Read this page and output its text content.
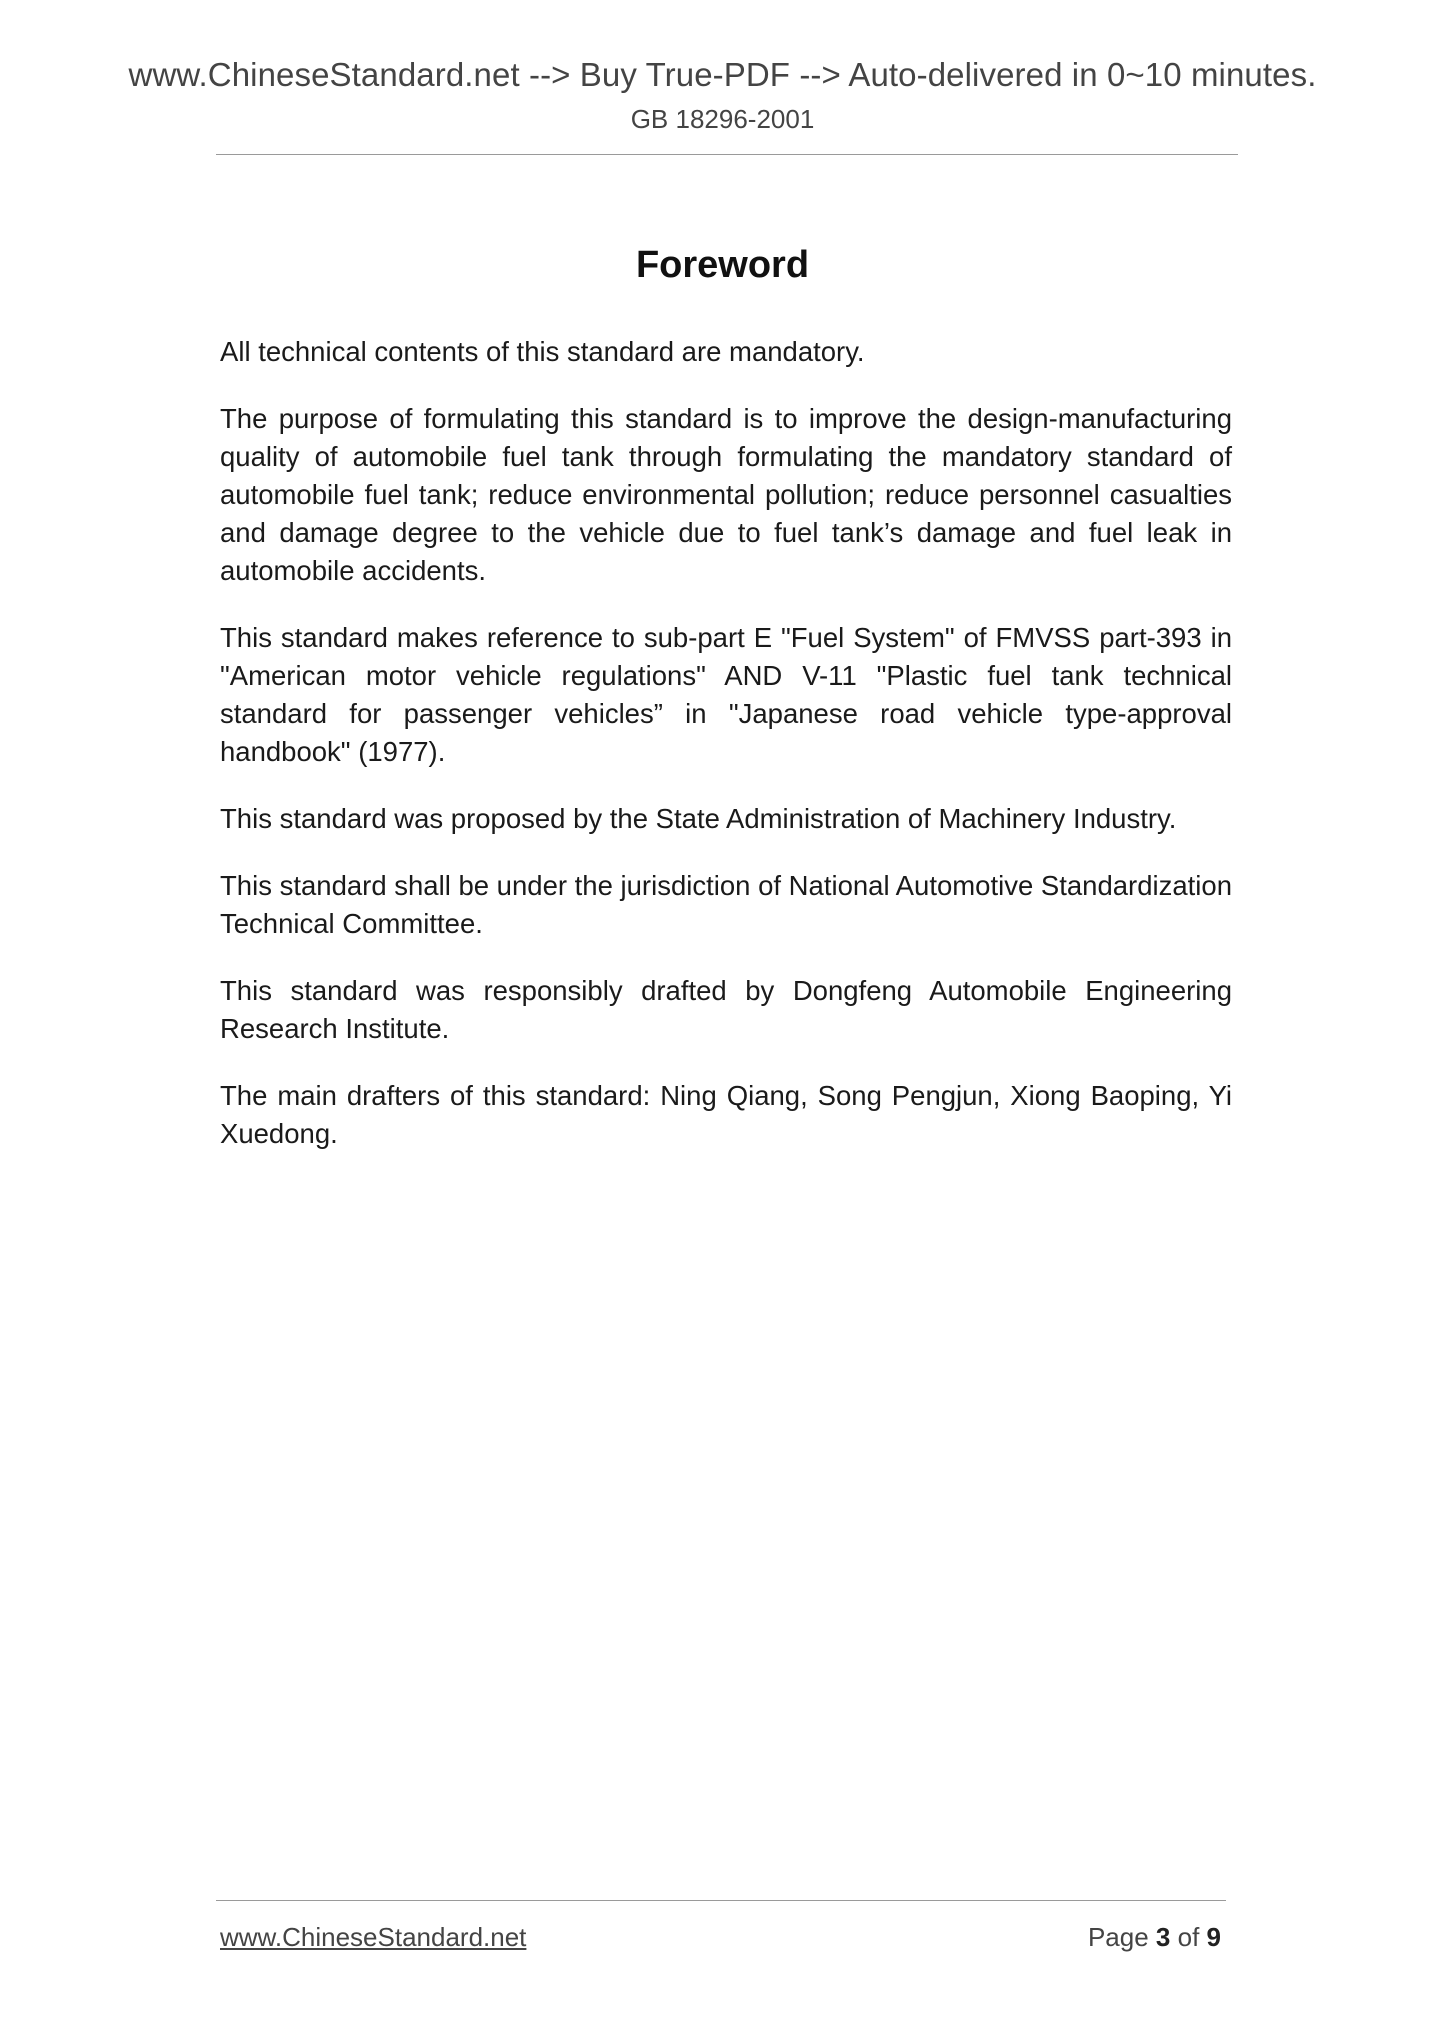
www.ChineseStandard.net --> Buy True-PDF --> Auto-delivered in 0~10 minutes.
GB 18296-2001
Foreword

All technical contents of this standard are mandatory.

The purpose of formulating this standard is to improve the design-manufacturing quality of automobile fuel tank through formulating the mandatory standard of automobile fuel tank; reduce environmental pollution; reduce personnel casualties and damage degree to the vehicle due to fuel tank’s damage and fuel leak in automobile accidents.

This standard makes reference to sub-part E "Fuel System" of FMVSS part-393 in "American motor vehicle regulations" AND V-11 "Plastic fuel tank technical standard for passenger vehicles” in "Japanese road vehicle type-approval handbook" (1977).

This standard was proposed by the State Administration of Machinery Industry.

This standard shall be under the jurisdiction of National Automotive Standardization Technical Committee.

This standard was responsibly drafted by Dongfeng Automobile Engineering Research Institute.

The main drafters of this standard: Ning Qiang, Song Pengjun, Xiong Baoping, Yi Xuedong.

www.ChineseStandard.net	Page 3 of 9
